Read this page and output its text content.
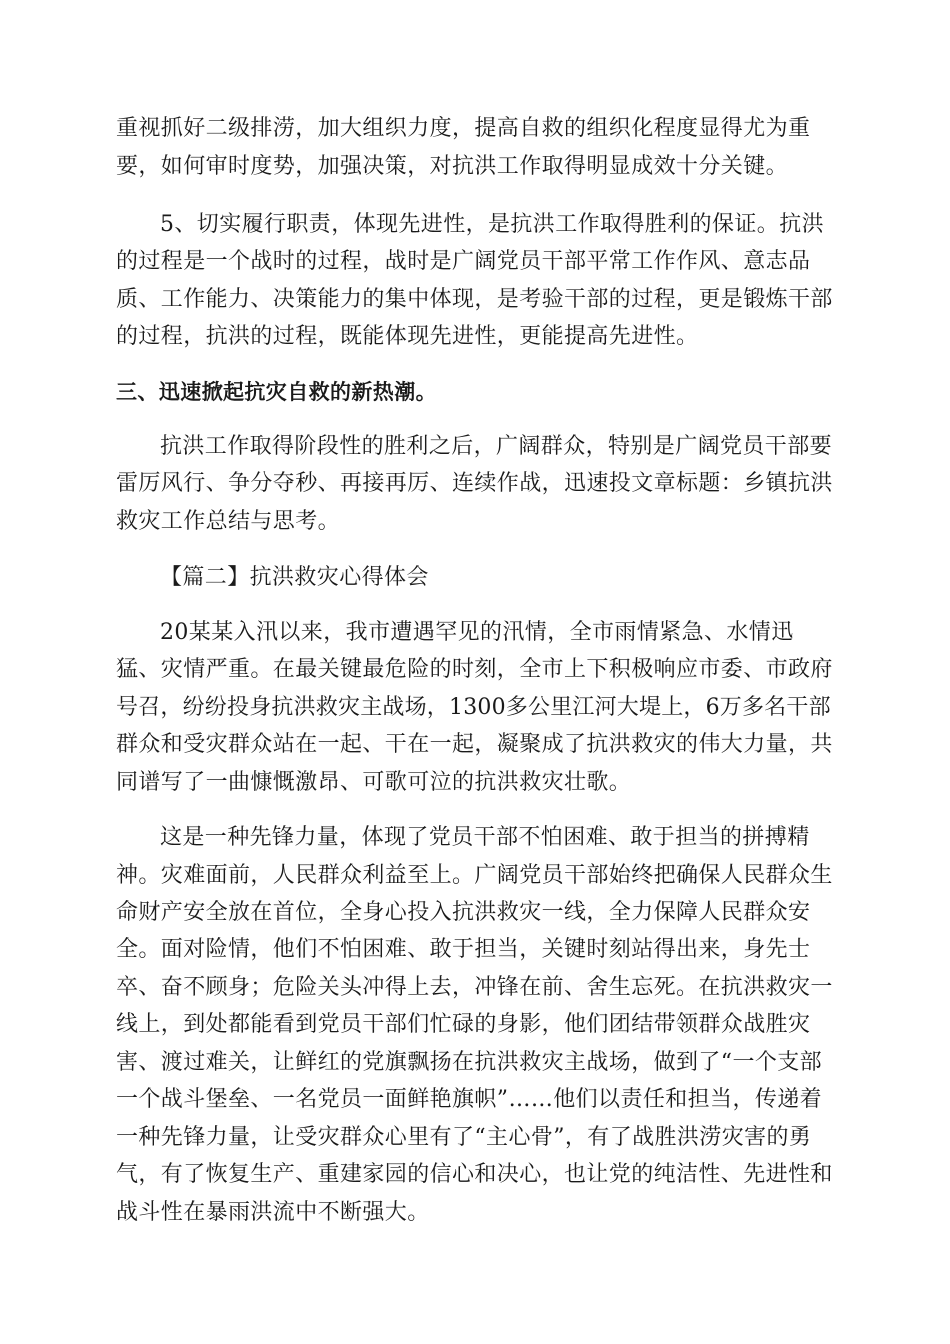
重视抓好二级排涝，加大组织力度，提高自救的组织化程度显得尤为重

要，如何审时度势，加强决策，对抗洪工作取得明显成效十分关键。

5、切实履行职责，体现先进性，是抗洪工作取得胜利的保证。抗洪

的过程是一个战时的过程，战时是广阔党员干部平常工作作风、意志品

质、工作能力、决策能力的集中体现，是考验干部的过程，更是锻炼干部

的过程，抗洪的过程，既能体现先进性，更能提高先进性。

三、迅速掀起抗灾自救的新热潮。

抗洪工作取得阶段性的胜利之后，广阔群众，特别是广阔党员干部要

雷厉风行、争分夺秒、再接再厉、连续作战，迅速投文章标题：乡镇抗洪

救灾工作总结与思考。

【篇二】抗洪救灾心得体会

20某某入汛以来，我市遭遇罕见的汛情，全市雨情紧急、水情迅

猛、灾情严重。在最关键最危险的时刻，全市上下积极响应市委、市政府

号召，纷纷投身抗洪救灾主战场，1300多公里江河大堤上，6万多名干部

群众和受灾群众站在一起、干在一起，凝聚成了抗洪救灾的伟大力量，共

同谱写了一曲慷慨激昂、可歌可泣的抗洪救灾壮歌。

这是一种先锋力量，体现了党员干部不怕困难、敢于担当的拼搏精

神。灾难面前，人民群众利益至上。广阔党员干部始终把确保人民群众生

命财产安全放在首位，全身心投入抗洪救灾一线，全力保障人民群众安

全。面对险情，他们不怕困难、敢于担当，关键时刻站得出来，身先士

卒、奋不顾身；危险关头冲得上去，冲锋在前、舍生忘死。在抗洪救灾一

线上，到处都能看到党员干部们忙碌的身影，他们团结带领群众战胜灾

害、渡过难关，让鲜红的党旗飘扬在抗洪救灾主战场，做到了“一个支部

一个战斗堡垒、一名党员一面鲜艳旗帜”……他们以责任和担当，传递着

一种先锋力量，让受灾群众心里有了“主心骨”，有了战胜洪涝灾害的勇

气，有了恢复生产、重建家园的信心和决心，也让党的纯洁性、先进性和

战斗性在暴雨洪流中不断强大。
